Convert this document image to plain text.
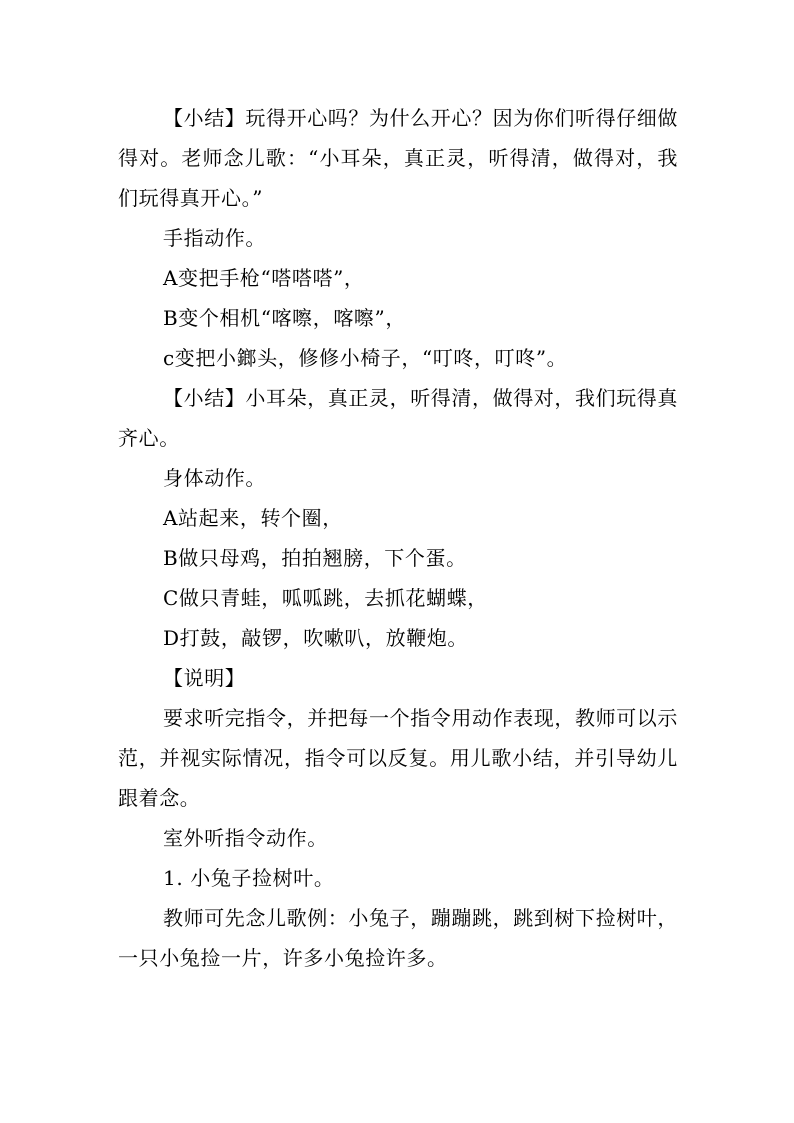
【小结】玩得开心吗？为什么开心？因为你们听得仔细做得对。老师念儿歌：“小耳朵，真正灵，听得清，做得对，我们玩得真开心。”

手指动作。

A变把手枪“嗒嗒嗒”，

B变个相机“喀嚓，喀嚓”，

c变把小鎯头，修修小椅子，“叮咚，叮咚”。

【小结】小耳朵，真正灵，听得清，做得对，我们玩得真齐心。

身体动作。

A站起来，转个圈，

B做只母鸡，拍拍翘膀，下个蛋。

C做只青蛙，呱呱跳，去抓花蝴蝶，

D打鼓，敲锣，吹嗽叭，放鞭炮。

【说明】

要求听完指令，并把每一个指令用动作表现，教师可以示范，并视实际情况，指令可以反复。用儿歌小结，并引导幼儿跟着念。

室外听指令动作。

1. 小兔子捡树叶。

教师可先念儿歌例：小兔子，蹦蹦跳，跳到树下捡树叶，一只小兔捡一片，许多小兔捡许多。
